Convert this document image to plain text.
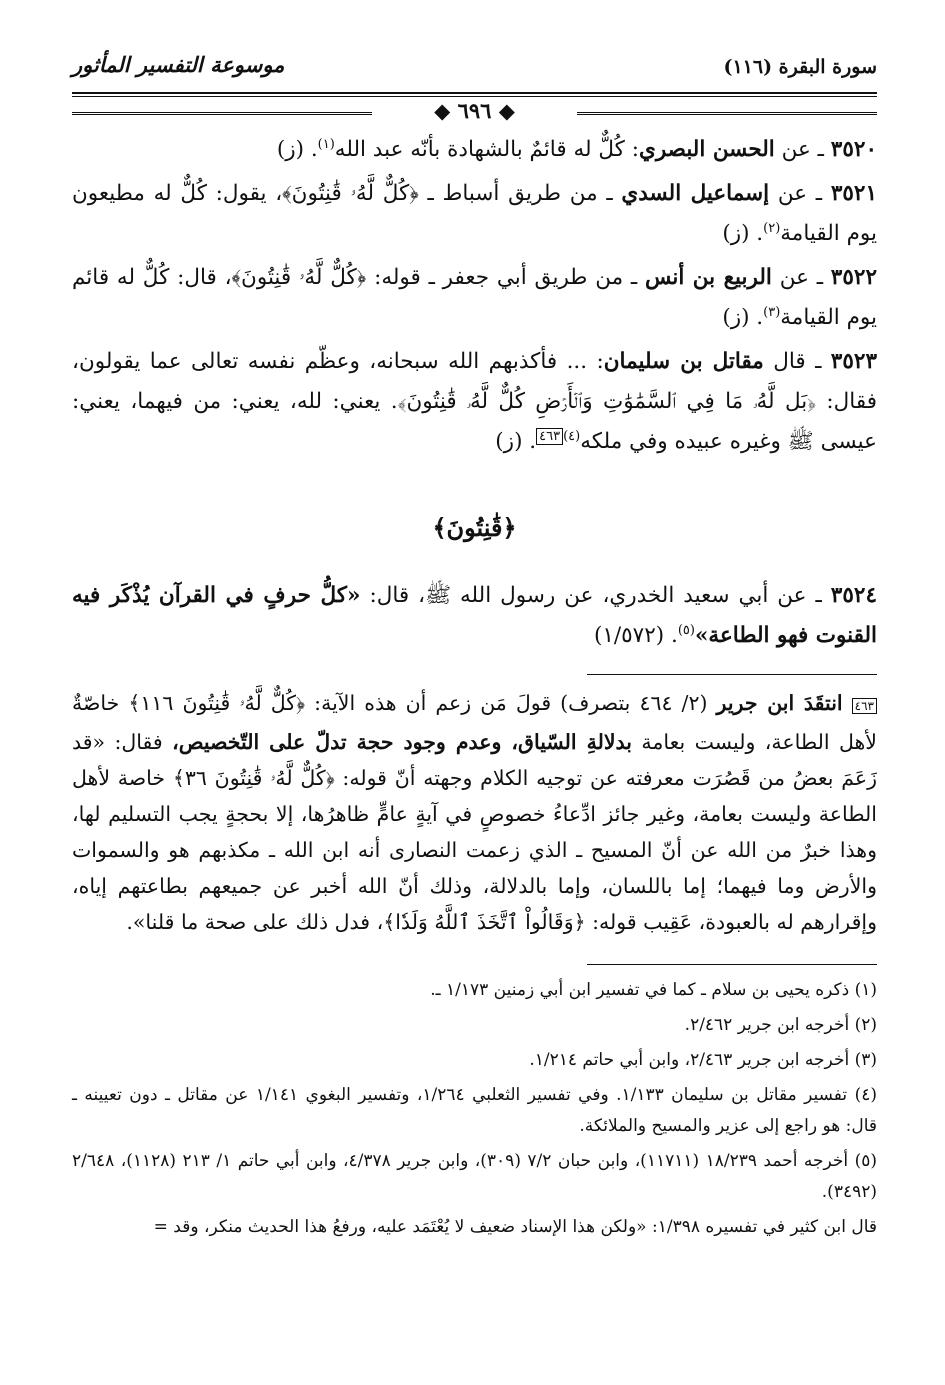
سورة البقرة (١١٦)
موسوعة التفسير المأثور
◆ ٦٩٦ ◆

٣٥٢٠ ـ عن الحسن البصري: كُلٌّ له قائمٌ بالشهادة بأنّه عبد الله$^{(١)}$. (ز)

٣٥٢١ ـ عن إسماعيل السدي ـ من طريق أسباط ـ ﴿كُلٌّ لَّهُۥ قَٰنِتُونَ﴾، يقول: كُلٌّ له مطيعون يوم القيامة$^{(٢)}$. (ز)

٣٥٢٢ ـ عن الربيع بن أنس ـ من طريق أبي جعفر ـ قوله: ﴿كُلٌّ لَّهُۥ قَٰنِتُونَ﴾، قال: كُلٌّ له قائم يوم القيامة$^{(٣)}$. (ز)

٣٥٢٣ ـ قال مقاتل بن سليمان: ... فأكذبهم الله سبحانه، وعظّم نفسه تعالى عما يقولون، فقال: ﴿بَل لَّهُۥ مَا فِي ٱلسَّمَٰوَٰتِ وَٱلۡأَرۡضِ كُلٌّ لَّهُۥ قَٰنِتُونَ﴾. يعني: لله، يعني: من فيهما، يعني: عيسى ﷺ وغيره عبيده وفي ملكه$^{(٤)٤٦٣}$. (ز)

﴿قَٰنِتُونَ﴾

٣٥٢٤ ـ عن أبي سعيد الخدري، عن رسول الله ﷺ، قال: «كلُّ حرفٍ في القرآن يُذْكَر فيه القنوت فهو الطاعة»$^{(٥)}$. (١/٥٧٢)

٤٦٣ انتقَدَ ابن جرير (٢/ ٤٦٤ بتصرف) قولَ مَن زعم أن هذه الآية: ﴿كُلٌّ لَّهُۥ قَٰنِتُونَ ١١٦﴾ خاصّةٌ لأهل الطاعة، وليست بعامة بدلالةِ السّياق، وعدم وجود حجة تدلّ على التّخصيص، فقال: «قد زَعَمَ بعضُ من قَصُرَت معرفته عن توجيه الكلام وجهته أنّ قوله: ﴿كُلٌّ لَّهُۥ قَٰنِتُونَ ٣٦﴾ خاصة لأهل الطاعة وليست بعامة، وغير جائز ادِّعاءُ خصوصٍ في آيةٍ عامٍّ ظاهرُها، إلا بحجةٍ يجب التسليم لها، وهذا خبرٌ من الله عن أنّ المسيح ـ الذي زعمت النصارى أنه ابن الله ـ مكذبهم هو والسموات والأرض وما فيهما؛ إما باللسان، وإما بالدلالة، وذلك أنّ الله أخبر عن جميعهم بطاعتهم إياه، وإقرارهم له بالعبودة، عَقِيب قوله: ﴿وَقَالُواْ ٱتَّخَذَ ٱللَّهُ وَلَدٗا﴾، فدل ذلك على صحة ما قلنا».

(١) ذكره يحيى بن سلام ـ كما في تفسير ابن أبي زمنين ١/١٧٣ ـ.

(٢) أخرجه ابن جرير ٢/٤٦٢.

(٣) أخرجه ابن جرير ٢/٤٦٣، وابن أبي حاتم ١/٢١٤.

(٤) تفسير مقاتل بن سليمان ١/١٣٣. وفي تفسير الثعلبي ١/٢٦٤، وتفسير البغوي ١/١٤١ عن مقاتل ـ دون تعيينه ـ قال: هو راجع إلى عزير والمسيح والملائكة.

(٥) أخرجه أحمد ١٨/٢٣٩ (١١٧١١)، وابن حبان ٧/٢ (٣٠٩)، وابن جرير ٤/٣٧٨، وابن أبي حاتم ١/ ٢١٣ (١١٢٨)، ٢/٦٤٨ (٣٤٩٢).

قال ابن كثير في تفسيره ١/٣٩٨: «ولكن هذا الإسناد ضعيف لا يُعْتَمَد عليه، ورفعُ هذا الحديث منكر، وقد =
